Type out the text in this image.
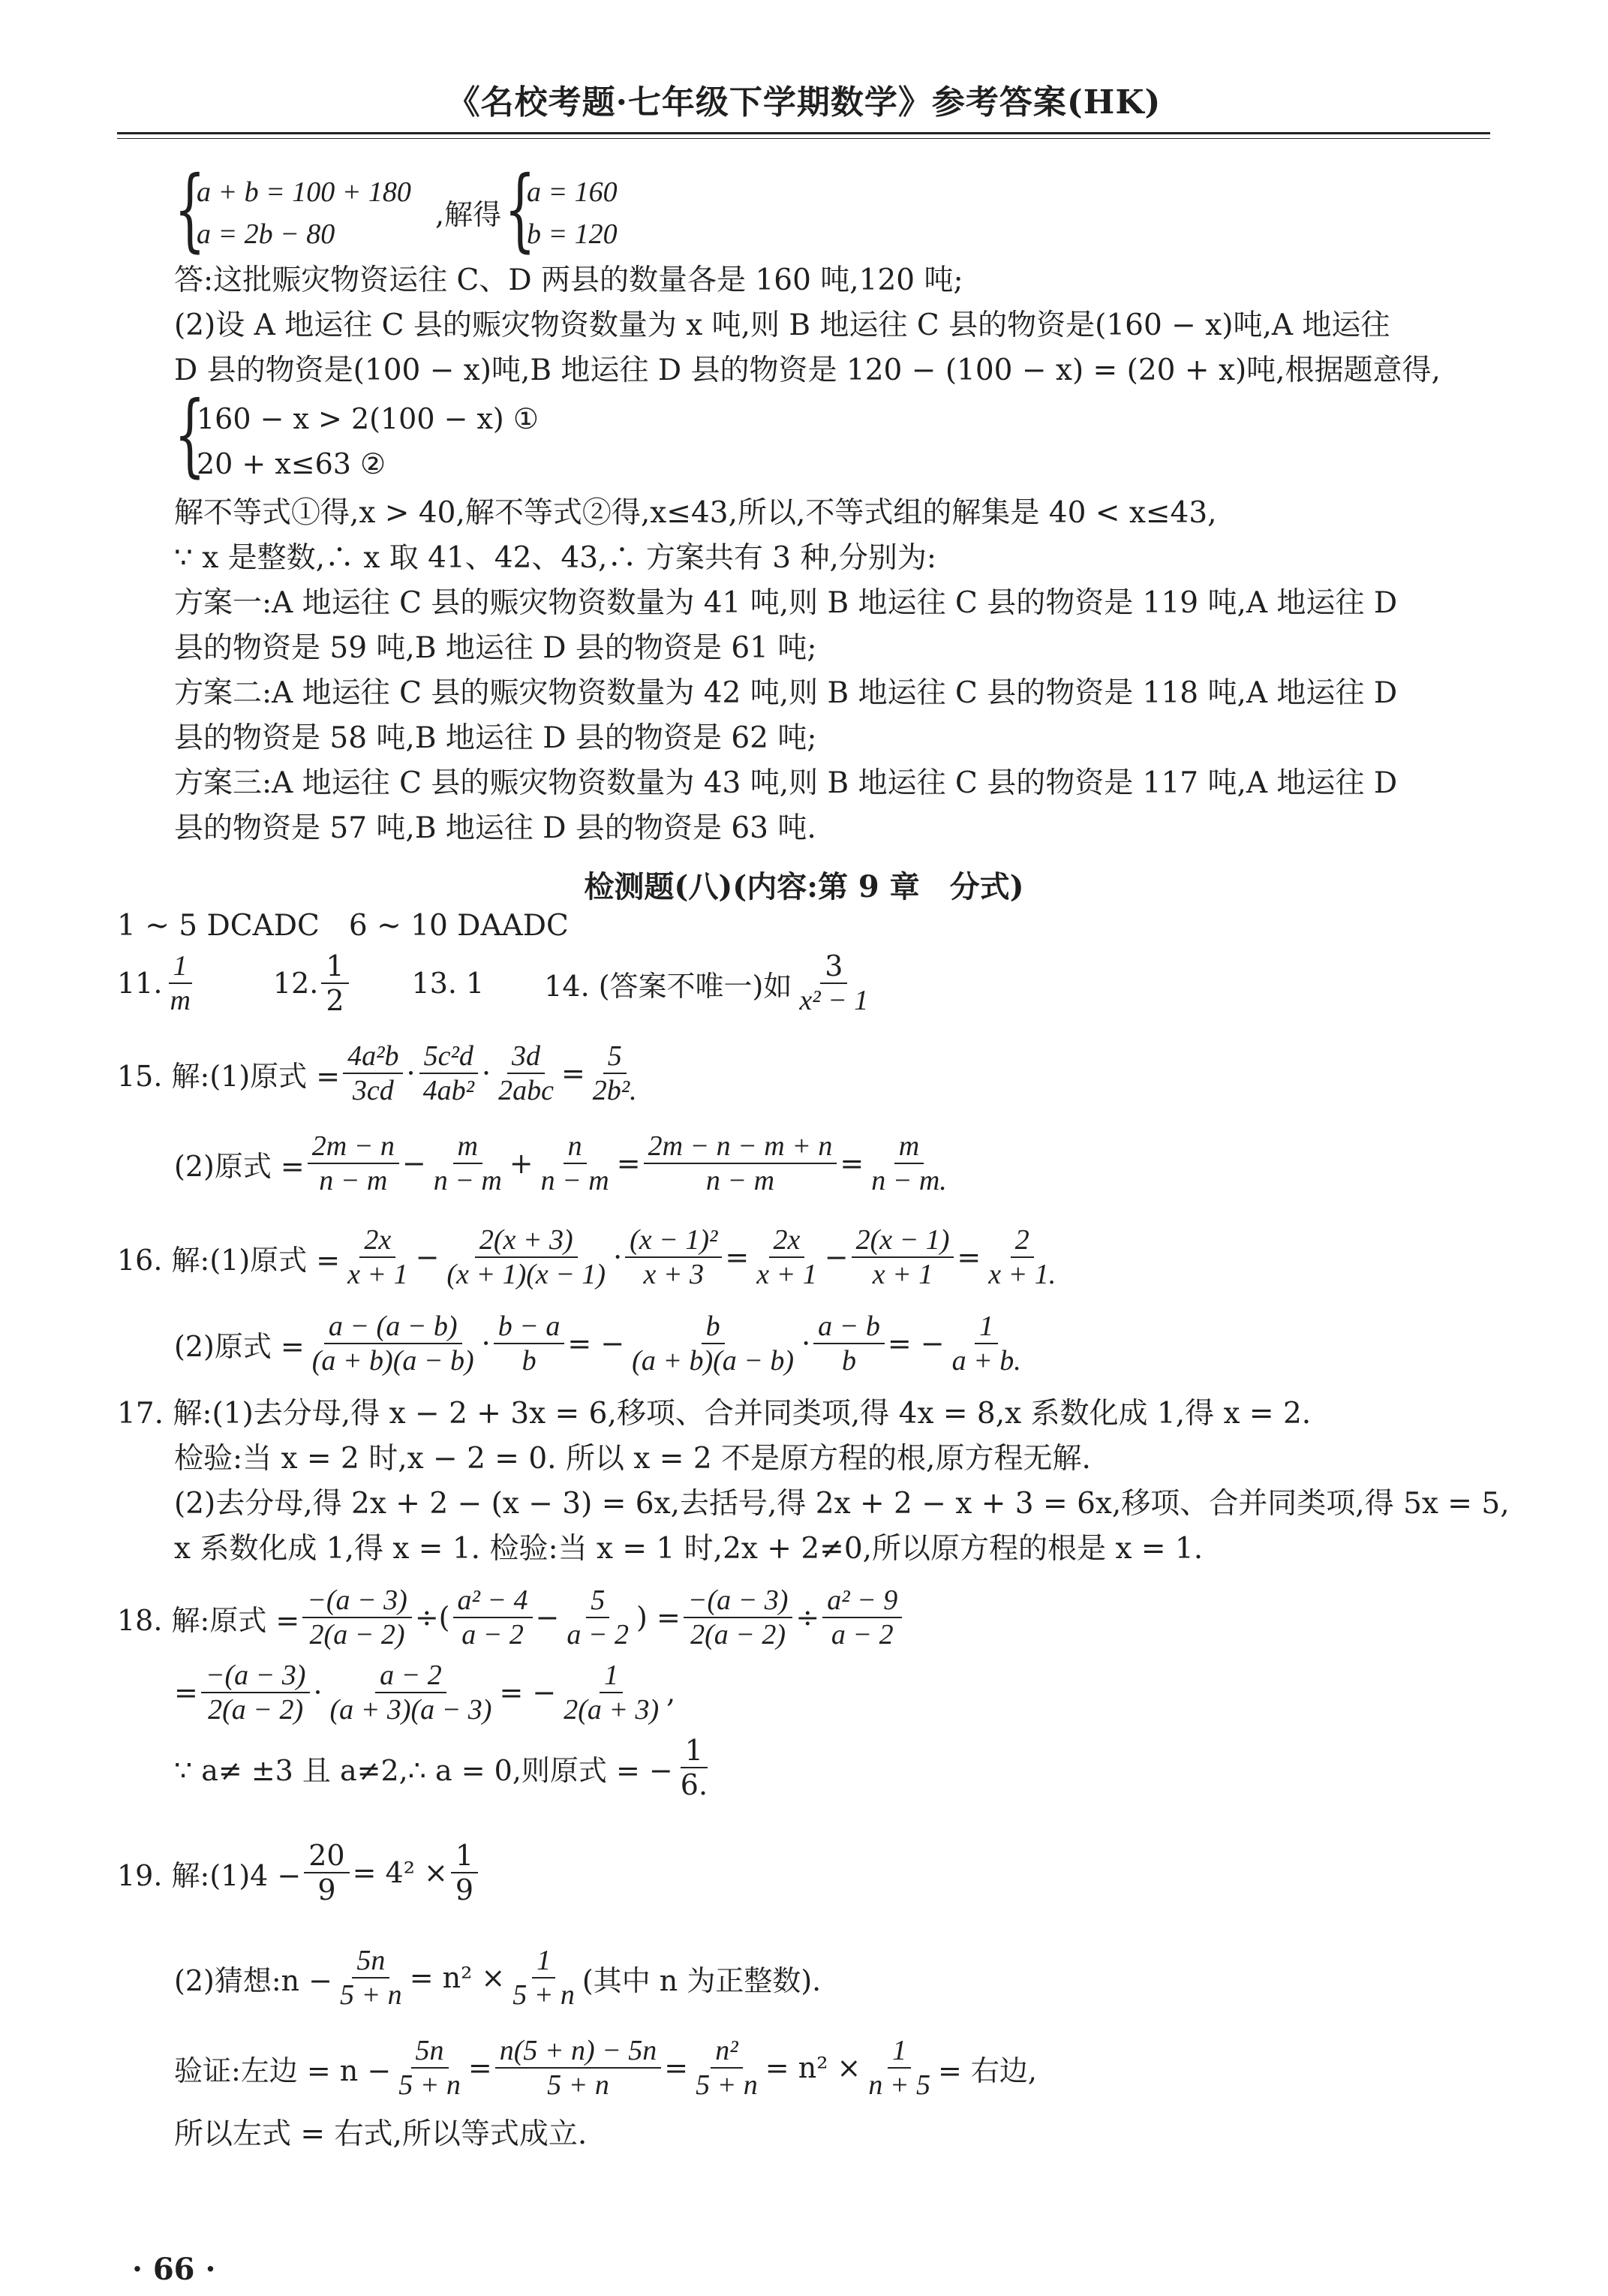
《名校考题·七年级下学期数学》参考答案(HK)
{
a + b = 100 + 180
a = 2b − 80
,解得 {
a = 160
b = 120
答:这批赈灾物资运往 C、D 两县的数量各是 160 吨,120 吨;
(2)设 A 地运往 C 县的赈灾物资数量为 x 吨,则 B 地运往 C 县的物资是(160 − x)吨,A 地运往
D 县的物资是(100 − x)吨,B 地运往 D 县的物资是 120 − (100 − x) = (20 + x)吨,根据题意得,
{
160 − x > 2(100 − x) ①
20 + x≤63 ②
解不等式①得,x > 40,解不等式②得,x≤43,所以,不等式组的解集是 40 < x≤43,
∵ x 是整数,∴ x 取 41、42、43,∴ 方案共有 3 种,分别为:
方案一:A 地运往 C 县的赈灾物资数量为 41 吨,则 B 地运往 C 县的物资是 119 吨,A 地运往 D
县的物资是 59 吨,B 地运往 D 县的物资是 61 吨;
方案二:A 地运往 C 县的赈灾物资数量为 42 吨,则 B 地运往 C 县的物资是 118 吨,A 地运往 D
县的物资是 58 吨,B 地运往 D 县的物资是 62 吨;
方案三:A 地运往 C 县的赈灾物资数量为 43 吨,则 B 地运往 C 县的物资是 117 吨,A 地运往 D
县的物资是 57 吨,B 地运往 D 县的物资是 63 吨.
检测题(八)(内容:第 9 章　分式)
1 ~ 5 DCADC　6 ~ 10 DAADC
11. $\frac{1}{m}$	12. $\frac{1}{2} 13$. 1 14. (答案不唯一)如 $\frac{3}{\text{x² − 1}}$
15. 解:(1)原式 = $\frac{\text{4a²b}}{3cd} \cdot \frac{\text{5c²d}}{\text{4ab²}} \cdot \frac{3d}{\text{2abc}} = \frac{5}{\text{2b².}}$
(2)原式 = $\frac{2m - n}{n - m} - \frac{m}{n - m} + \frac{n}{n - m} = \frac{2m - n - m + n}{n - m} = \frac{m}{n - m.}$
16. 解:(1)原式 = $\frac{2x}{x + 1} - \frac{2(x + 3)}{(x + 1)(x - 1)} \cdot \frac{\text{(x − 1)²}}{x + 3} = \frac{2x}{x + 1} - \frac{2(x - 1)}{x + 1} = \frac{2}{x + 1.}$
(2)原式 = $\frac{a - (a - b)}{(a + b)(a - b)} \cdot \frac{b - a}{b}$ = − $\frac{b}{(a + b)(a - b)} \cdot \frac{a - b}{b}$ = − $\frac{1}{a + b.}$
17. 解:(1)去分母,得 x − 2 + 3x = 6,移项、合并同类项,得 4x = 8,x 系数化成 1,得 x = 2.
检验:当 x = 2 时,x − 2 = 0. 所以 x = 2 不是原方程的根,原方程无解.
(2)去分母,得 2x + 2 − (x − 3) = 6x,去括号,得 2x + 2 − x + 3 = 6x,移项、合并同类项,得 5x = 5,
x 系数化成 1,得 x = 1. 检验:当 x = 1 时,2x + 2≠0,所以原方程的根是 x = 1.
18. 解:原式 = $\frac{-(a - 3)}{2(a - 2)}$ ÷( $\frac{\text{a² − 4}}{a - 2} - \frac{5}{a - 2}$ ) = $\frac{-(a - 3)}{2(a - 2)} \div \frac{\text{a² − 9}}{a - 2}$
= $\frac{-(a - 3)}{2(a - 2)} \cdot \frac{a - 2}{(a + 3)(a - 3)}$ = − $\frac{1}{2(a + 3)}$ ,
∵ a≠ ±3 且 a≠2,∴ a = 0,则原式 = − $\frac{1}{6.}$
19. 解:(1)4 − $\frac{20}{9} = 4^2 \times \frac{1}{9}$
(2)猜想:n − $\frac{5n}{5 + n} = n^2 \times \frac{1}{5 + n}$ (其中 n 为正整数).
验证:左边 = $n - \frac{5n}{5 + n} = \frac{n(5 + n) - 5n}{5 + n} = \frac{\text{n²}}{5 + n} = n^2 \times \frac{1}{n + 5}$ = 右边,
所以左式 = 右式,所以等式成立.
· 66 ·
